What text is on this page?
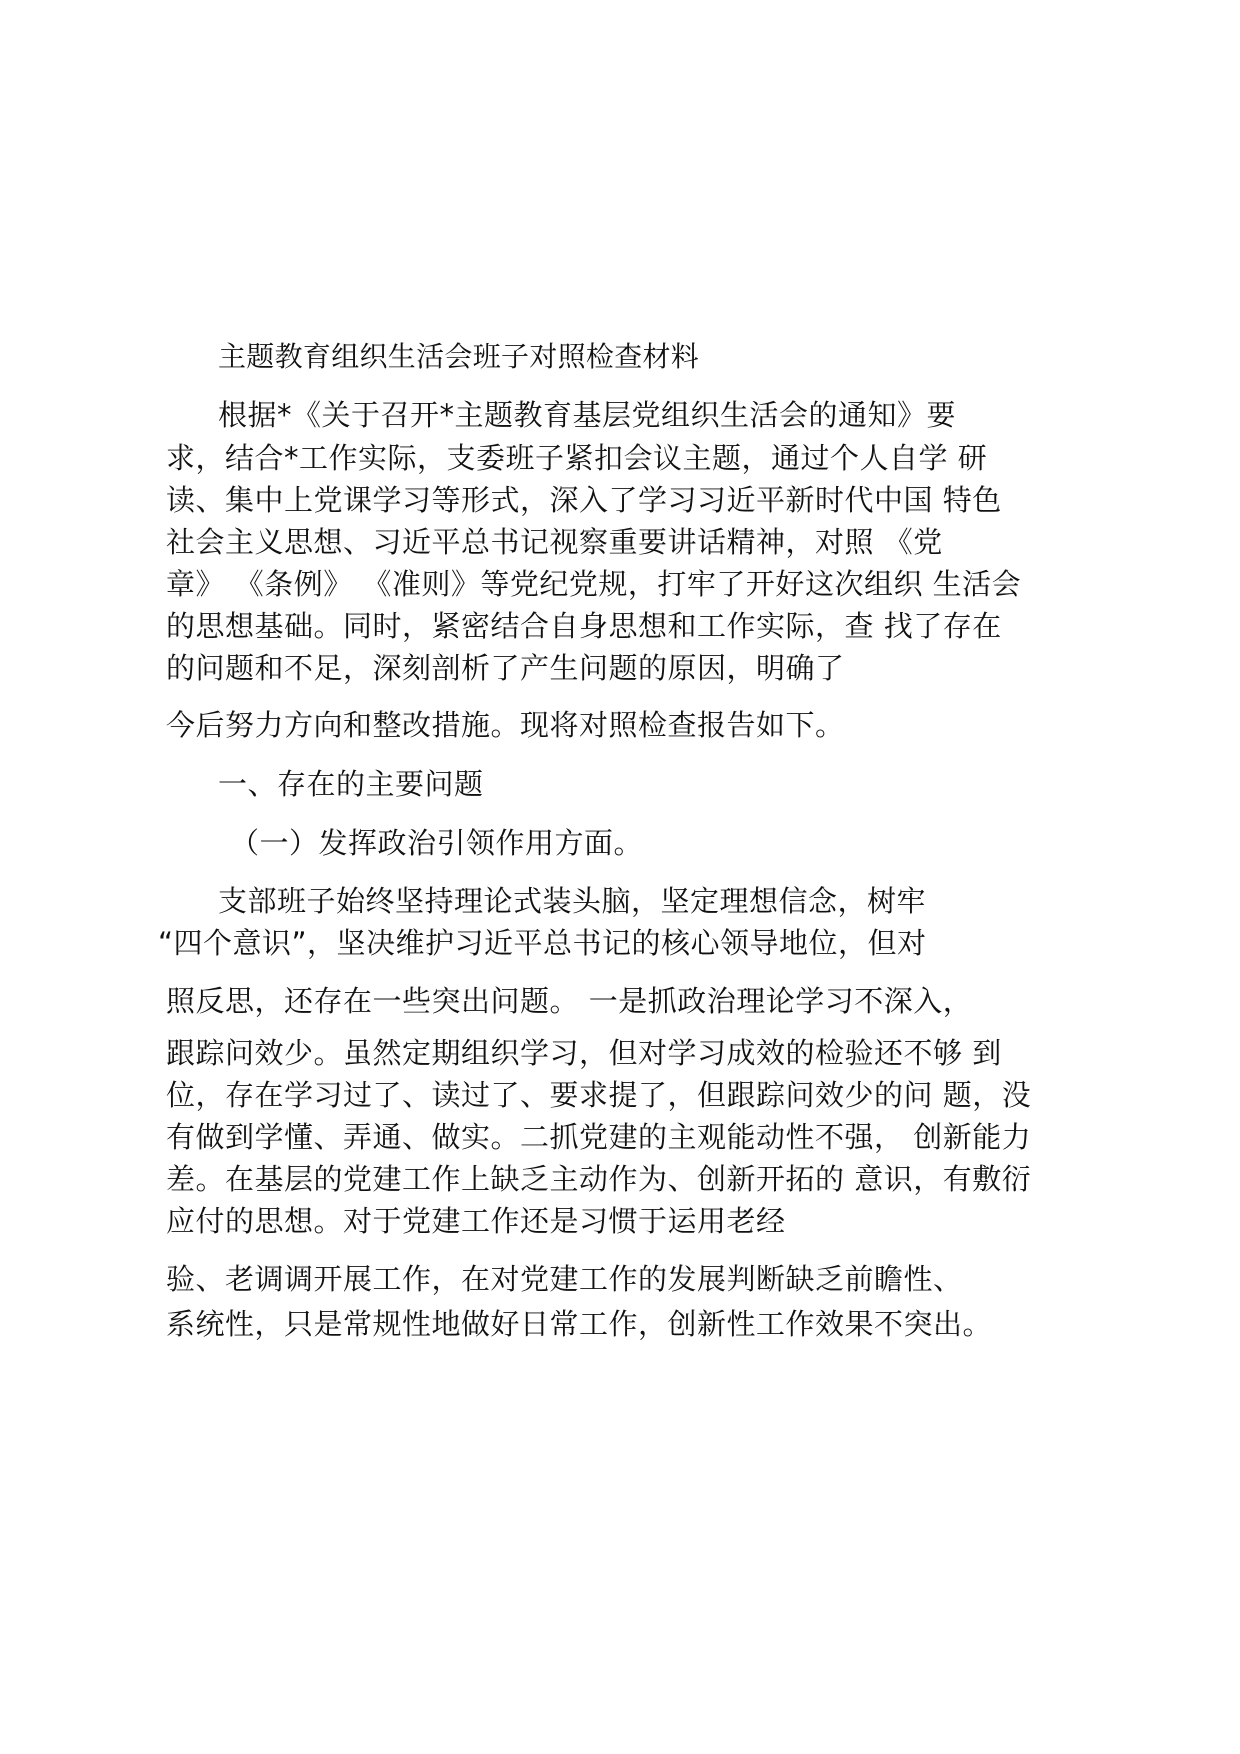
主题教育组织生活会班子对照检查材料
根据*《关于召开*主题教育基层党组织生活会的通知》要
求，结合*工作实际，支委班子紧扣会议主题，通过个人自学 研
读、集中上党课学习等形式，深入了学习习近平新时代中国 特色
社会主义思想、习近平总书记视察重要讲话精神，对照 《党
章》 《条例》 《准则》等党纪党规，打牢了开好这次组织 生活会
的思想基础。同时，紧密结合自身思想和工作实际，查 找了存在
的问题和不足，深刻剖析了产生问题的原因，明确了
今后努力方向和整改措施。现将对照检查报告如下。
一、存在的主要问题
（一）发挥政治引领作用方面。
支部班子始终坚持理论式装头脑，坚定理想信念，树牢
“四个意识”，坚决维护习近平总书记的核心领导地位，但对
照反思，还存在一些突出问题。 一是抓政治理论学习不深入，
跟踪问效少。虽然定期组织学习，但对学习成效的检验还不够 到
位，存在学习过了、读过了、要求提了，但跟踪问效少的问 题，没
有做到学懂、弄通、做实。二抓党建的主观能动性不强， 创新能力
差。在基层的党建工作上缺乏主动作为、创新开拓的 意识，有敷衍
应付的思想。对于党建工作还是习惯于运用老经
验、老调调开展工作，在对党建工作的发展判断缺乏前瞻性、
系统性，只是常规性地做好日常工作，创新性工作效果不突出。
